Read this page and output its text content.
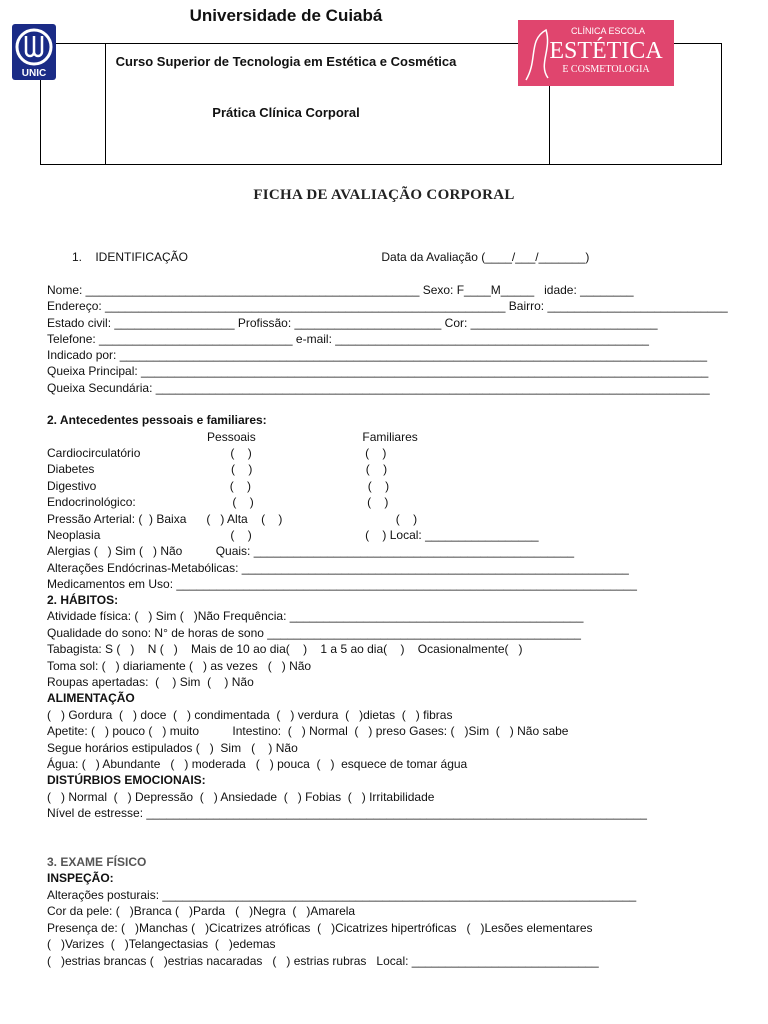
UNIC
CLÍNICA ESCOLA
ESTÉTICA
E COSMETOLOGIA
Universidade de Cuiabá
Curso Superior de Tecnologia em Estética e Cosmética
Prática Clínica Corporal
FICHA DE AVALIAÇÃO CORPORAL
1.    IDENTIFICAÇÃO                                                          Data da Avaliação (____/___/_______)
Nome: __________________________________________________ Sexo: F____M_____   idade: ________
Endereço: ____________________________________________________________ Bairro: ___________________________
Estado civil: __________________ Profissão: ______________________ Cor: ____________________________
Telefone: _____________________________ e-mail: _______________________________________________
Indicado por: ________________________________________________________________________________________
Queixa Principal: _____________________________________________________________________________________
Queixa Secundária: ___________________________________________________________________________________
2. Antecedentes pessoais e familiares:
Pessoais                                Familiares
Cardiocirculatório                           (    )                                  (    )
Diabetes                                         (    )                                  (    )
Digestivo                                        (    )                                   (    )
Endocrinológico:                             (    )                                  (    )
Pressão Arterial: (  ) Baixa      (   ) Alta    (    )                                  (    )
Neoplasia                                       (    )                                  (    ) Local: _________________
Alergias (   ) Sim (   ) Não          Quais: ________________________________________________
Alterações Endócrinas-Metabólicas: __________________________________________________________
Medicamentos em Uso: _____________________________________________________________________
2. HÁBITOS:
Atividade física: (   ) Sim (   )Não Frequência: ____________________________________________
Qualidade do sono: N° de horas de sono _______________________________________________
Tabagista: S (   )    N (   )    Mais de 10 ao dia(    )    1 a 5 ao dia(    )    Ocasionalmente(   )
Toma sol: (   ) diariamente (   ) as vezes   (   ) Não
Roupas apertadas:  (    ) Sim  (    ) Não
ALIMENTAÇÃO
(   ) Gordura  (   ) doce  (   ) condimentada  (   ) verdura  (   )dietas  (   ) fibras
Apetite: (   ) pouco (   ) muito          Intestino:  (   ) Normal  (   ) preso Gases: (   )Sim  (   ) Não sabe
Segue horários estipulados (   )  Sim   (    ) Não
Água: (   ) Abundante   (   ) moderada   (   ) pouca  (   )  esquece de tomar água
DISTÚRBIOS EMOCIONAIS:
(   ) Normal  (   ) Depressão  (   ) Ansiedade  (   ) Fobias  (   ) Irritabilidade
Nível de estresse: ___________________________________________________________________________
3. EXAME FÍSICO
INSPEÇÃO:
Alterações posturais: _______________________________________________________________________
Cor da pele: (   )Branca (   )Parda   (   )Negra  (   )Amarela
Presença de: (   )Manchas (   )Cicatrizes atróficas  (   )Cicatrizes hipertróficas   (   )Lesões elementares
(   )Varizes  (   )Telangectasias  (   )edemas
(   )estrias brancas (   )estrias nacaradas   (   ) estrias rubras   Local: ____________________________
